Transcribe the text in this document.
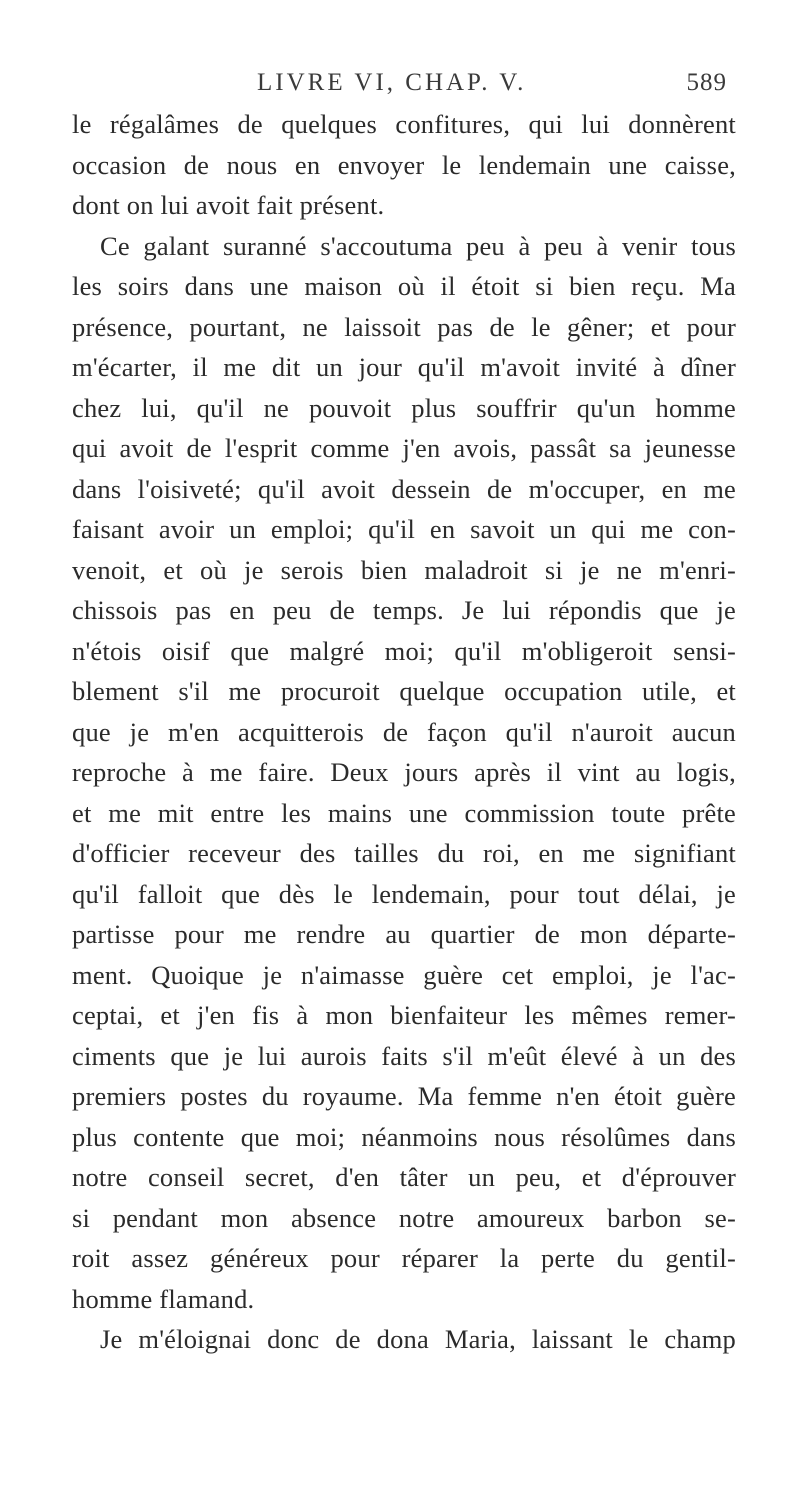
LIVRE VI, CHAP. V.	589
le régalâmes de quelques confitures, qui lui donnèrent
occasion de nous en envoyer le lendemain une caisse,
dont on lui avoit fait présent.
Ce galant suranné s'accoutuma peu à peu à venir tous
les soirs dans une maison où il étoit si bien reçu. Ma
présence, pourtant, ne laissoit pas de le gêner; et pour
m'écarter, il me dit un jour qu'il m'avoit invité à dîner
chez lui, qu'il ne pouvoit plus souffrir qu'un homme
qui avoit de l'esprit comme j'en avois, passât sa jeunesse
dans l'oisiveté; qu'il avoit dessein de m'occuper, en me
faisant avoir un emploi; qu'il en savoit un qui me con-
venoit, et où je serois bien maladroit si je ne m'enri-
chissois pas en peu de temps. Je lui répondis que je
n'étois oisif que malgré moi; qu'il m'obligeroit sensi-
blement s'il me procuroit quelque occupation utile, et
que je m'en acquitterois de façon qu'il n'auroit aucun
reproche à me faire. Deux jours après il vint au logis,
et me mit entre les mains une commission toute prête
d'officier receveur des tailles du roi, en me signifiant
qu'il falloit que dès le lendemain, pour tout délai, je
partisse pour me rendre au quartier de mon départe-
ment. Quoique je n'aimasse guère cet emploi, je l'ac-
ceptai, et j'en fis à mon bienfaiteur les mêmes remer-
ciments que je lui aurois faits s'il m'eût élevé à un des
premiers postes du royaume. Ma femme n'en étoit guère
plus contente que moi; néanmoins nous résolûmes dans
notre conseil secret, d'en tâter un peu, et d'éprouver
si pendant mon absence notre amoureux barbon se-
roit assez généreux pour réparer la perte du gentil-
homme flamand.
Je m'éloignai donc de dona Maria, laissant le champ
